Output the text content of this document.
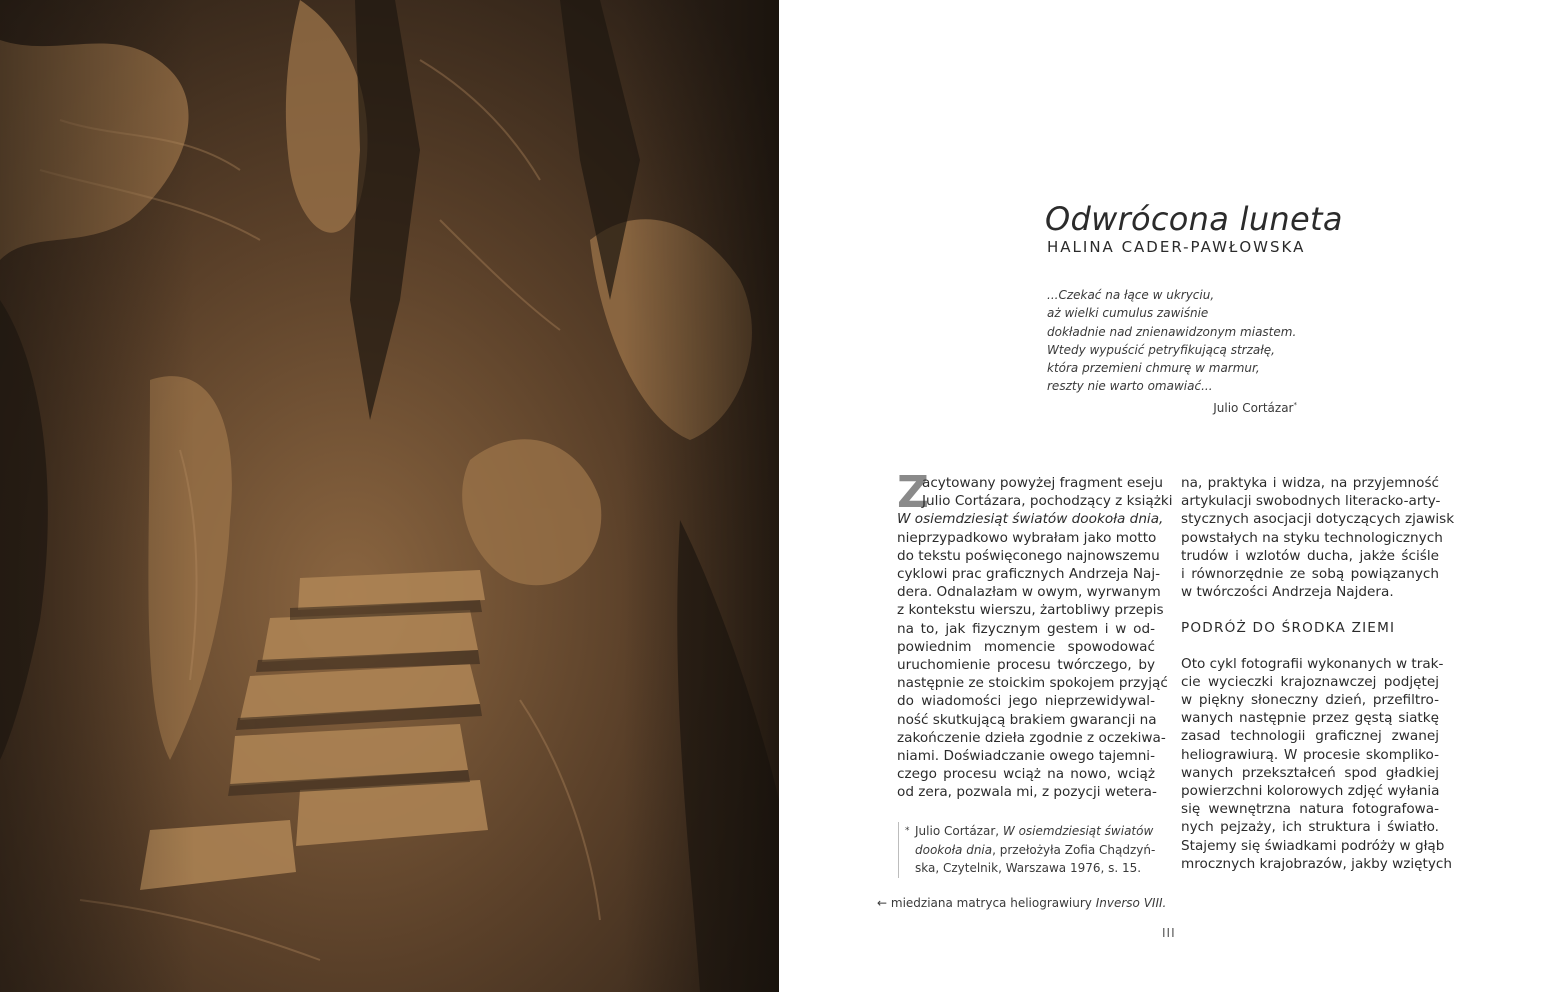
Odwrócona luneta
HALINA CADER-PAWŁOWSKA
...Czekać na łące w ukryciu,
aż wielki cumulus zawiśnie
dokładnie nad znienawidzonym miastem.
Wtedy wypuścić petryfikującą strzałę,
która przemieni chmurę w marmur,
reszty nie warto omawiać...
Julio Cortázar*
Z
acytowany powyżej fragment eseju
Julio Cortázara, pochodzący z książki
W osiemdziesiąt światów dookoła dnia,
nieprzypadkowo wybrałam jako motto
do tekstu poświęconego najnowszemu
cyklowi prac graficznych Andrzeja Naj-
dera. Odnalazłam w owym, wyrwanym
z kontekstu wierszu, żartobliwy przepis
na to, jak fizycznym gestem i w od-
powiednim momencie spowodować
uruchomienie procesu twórczego, by
następnie ze stoickim spokojem przyjąć
do wiadomości jego nieprzewidywal-
ność skutkującą brakiem gwarancji na
zakończenie dzieła zgodnie z oczekiwa-
niami. Doświadczanie owego tajemni-
czego procesu wciąż na nowo, wciąż
od zera, pozwala mi, z pozycji wetera-
na, praktyka i widza, na przyjemność
artykulacji swobodnych literacko-arty-
stycznych asocjacji dotyczących zjawisk
powstałych na styku technologicznych
trudów i wzlotów ducha, jakże ściśle
i równorzędnie ze sobą powiązanych
w twórczości Andrzeja Najdera.
PODRÓŻ DO ŚRODKA ZIEMI
Oto cykl fotografii wykonanych w trak-
cie wycieczki krajoznawczej podjętej
w piękny słoneczny dzień, przefiltro-
wanych następnie przez gęstą siatkę
zasad technologii graficznej zwanej
heliograwiurą. W procesie skompliko-
wanych przekształceń spod gładkiej
powierzchni kolorowych zdjęć wyłania
się wewnętrzna natura fotografowa-
nych pejzaży, ich struktura i światło.
Stajemy się świadkami podróży w głąb
mrocznych krajobrazów, jakby wziętych
* Julio Cortázar, W osiemdziesiąt światów
dookoła dnia, przełożyła Zofia Chądzyń-
ska, Czytelnik, Warszawa 1976, s. 15.
← miedziana matryca heliograwiury Inverso VIII.
III
